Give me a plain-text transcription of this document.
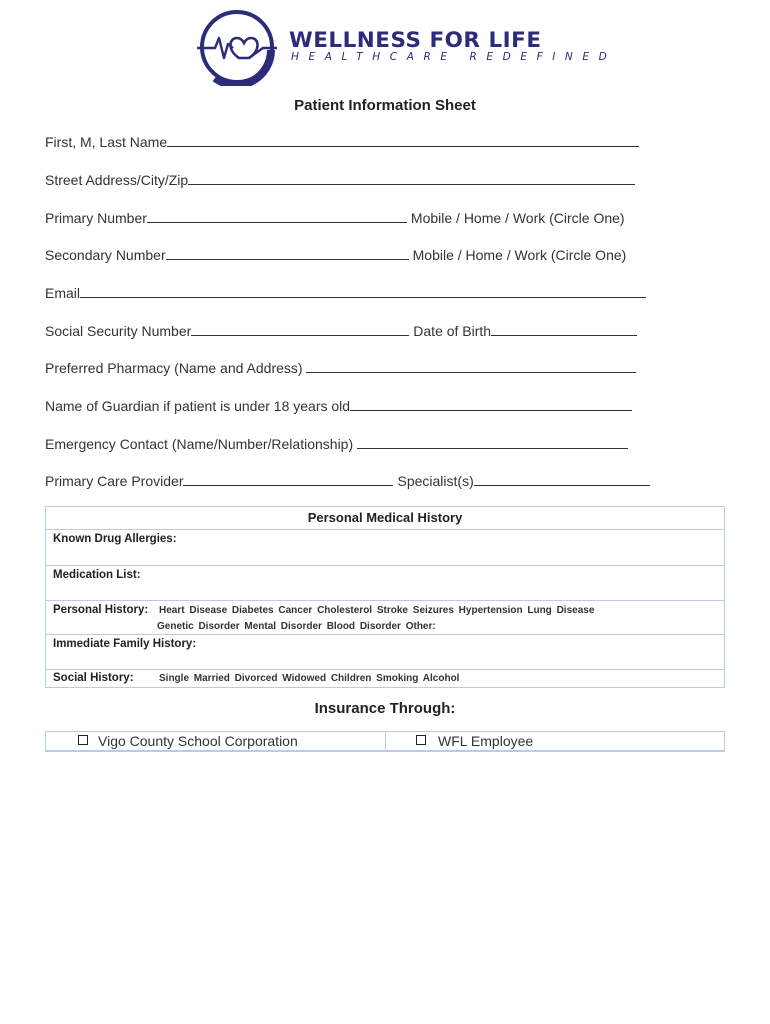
WELLNESS FOR LIFE
HEALTHCARE REDEFINED
Patient Information Sheet
First, M, Last Name
Street Address/City/Zip
Primary Number	Mobile / Home / Work (Circle One)
Secondary Number	Mobile / Home / Work (Circle One)
Email
Social Security Number	Date of Birth
Preferred Pharmacy (Name and Address)
Name of Guardian if patient is under 18 years old
Emergency Contact (Name/Number/Relationship)
Primary Care Provider	Specialist(s)
Personal Medical History
Known Drug Allergies:
Medication List:
Personal History: Heart Disease Diabetes Cancer Cholesterol Stroke Seizures Hypertension Lung Disease
Genetic Disorder Mental Disorder Blood Disorder Other:
Immediate Family History:
Social History:	Single Married Divorced Widowed Children Smoking Alcohol
Insurance Through:
Vigo County School Corporation	WFL Employee
